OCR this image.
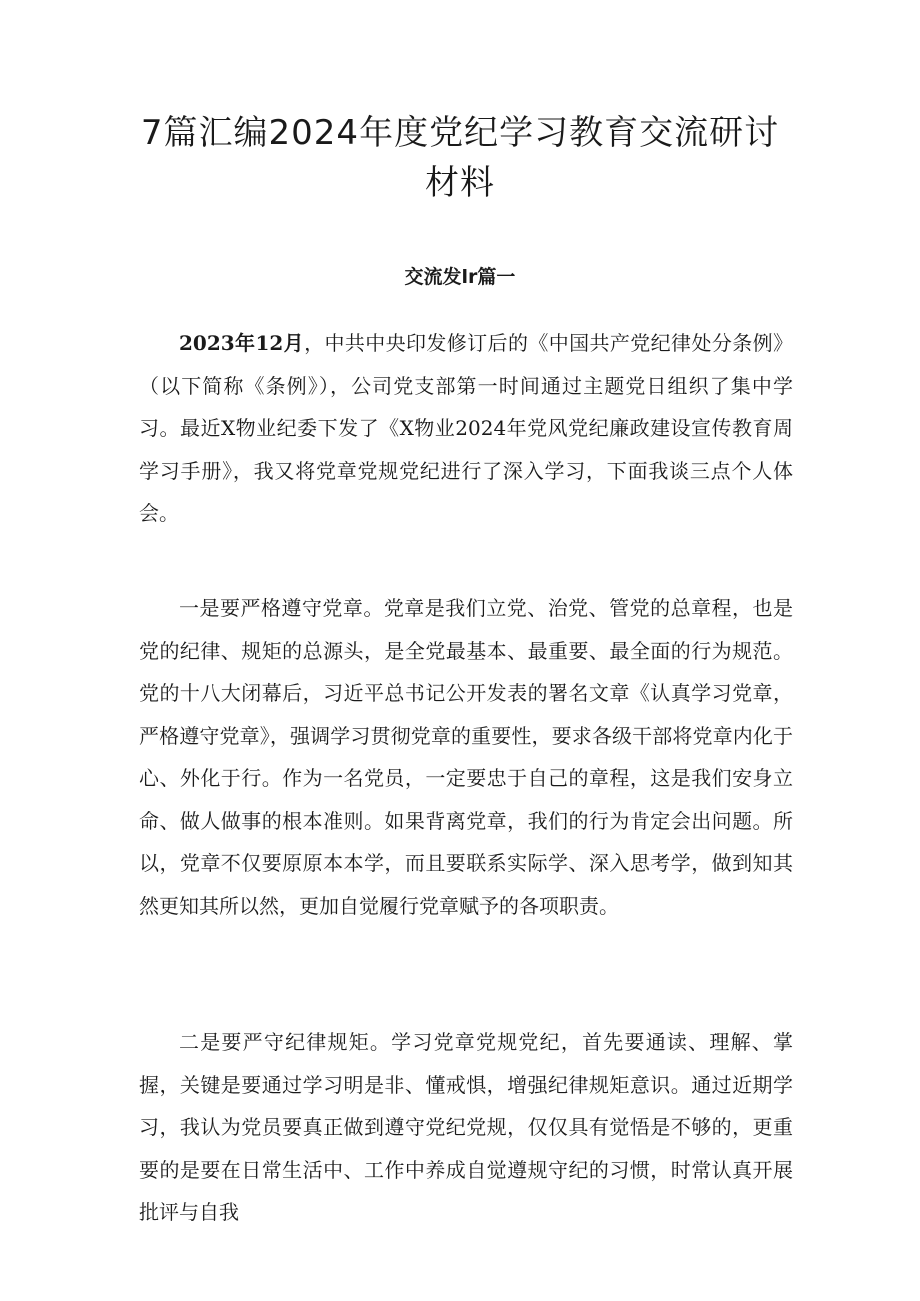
7篇汇编2024年度党纪学习教育交流研讨
材料
交流发lr篇一

2023年12月，中共中央印发修订后的《中国共产党纪律处分条例》（以下简称《条例》），公司党支部第一时间通过主题党日组织了集中学习。最近X物业纪委下发了《X物业2024年党风党纪廉政建设宣传教育周学习手册》，我又将党章党规党纪进行了深入学习，下面我谈三点个人体会。

一是要严格遵守党章。党章是我们立党、治党、管党的总章程，也是党的纪律、规矩的总源头，是全党最基本、最重要、最全面的行为规范。党的十八大闭幕后，习近平总书记公开发表的署名文章《认真学习党章，严格遵守党章》，强调学习贯彻党章的重要性，要求各级干部将党章内化于心、外化于行。作为一名党员，一定要忠于自己的章程，这是我们安身立命、做人做事的根本准则。如果背离党章，我们的行为肯定会出问题。所以，党章不仅要原原本本学，而且要联系实际学、深入思考学，做到知其然更知其所以然，更加自觉履行党章赋予的各项职责。

二是要严守纪律规矩。学习党章党规党纪，首先要通读、理解、掌握，关键是要通过学习明是非、懂戒惧，增强纪律规矩意识。通过近期学习，我认为党员要真正做到遵守党纪党规，仅仅具有觉悟是不够的，更重要的是要在日常生活中、工作中养成自觉遵规守纪的习惯，时常认真开展批评与自我
